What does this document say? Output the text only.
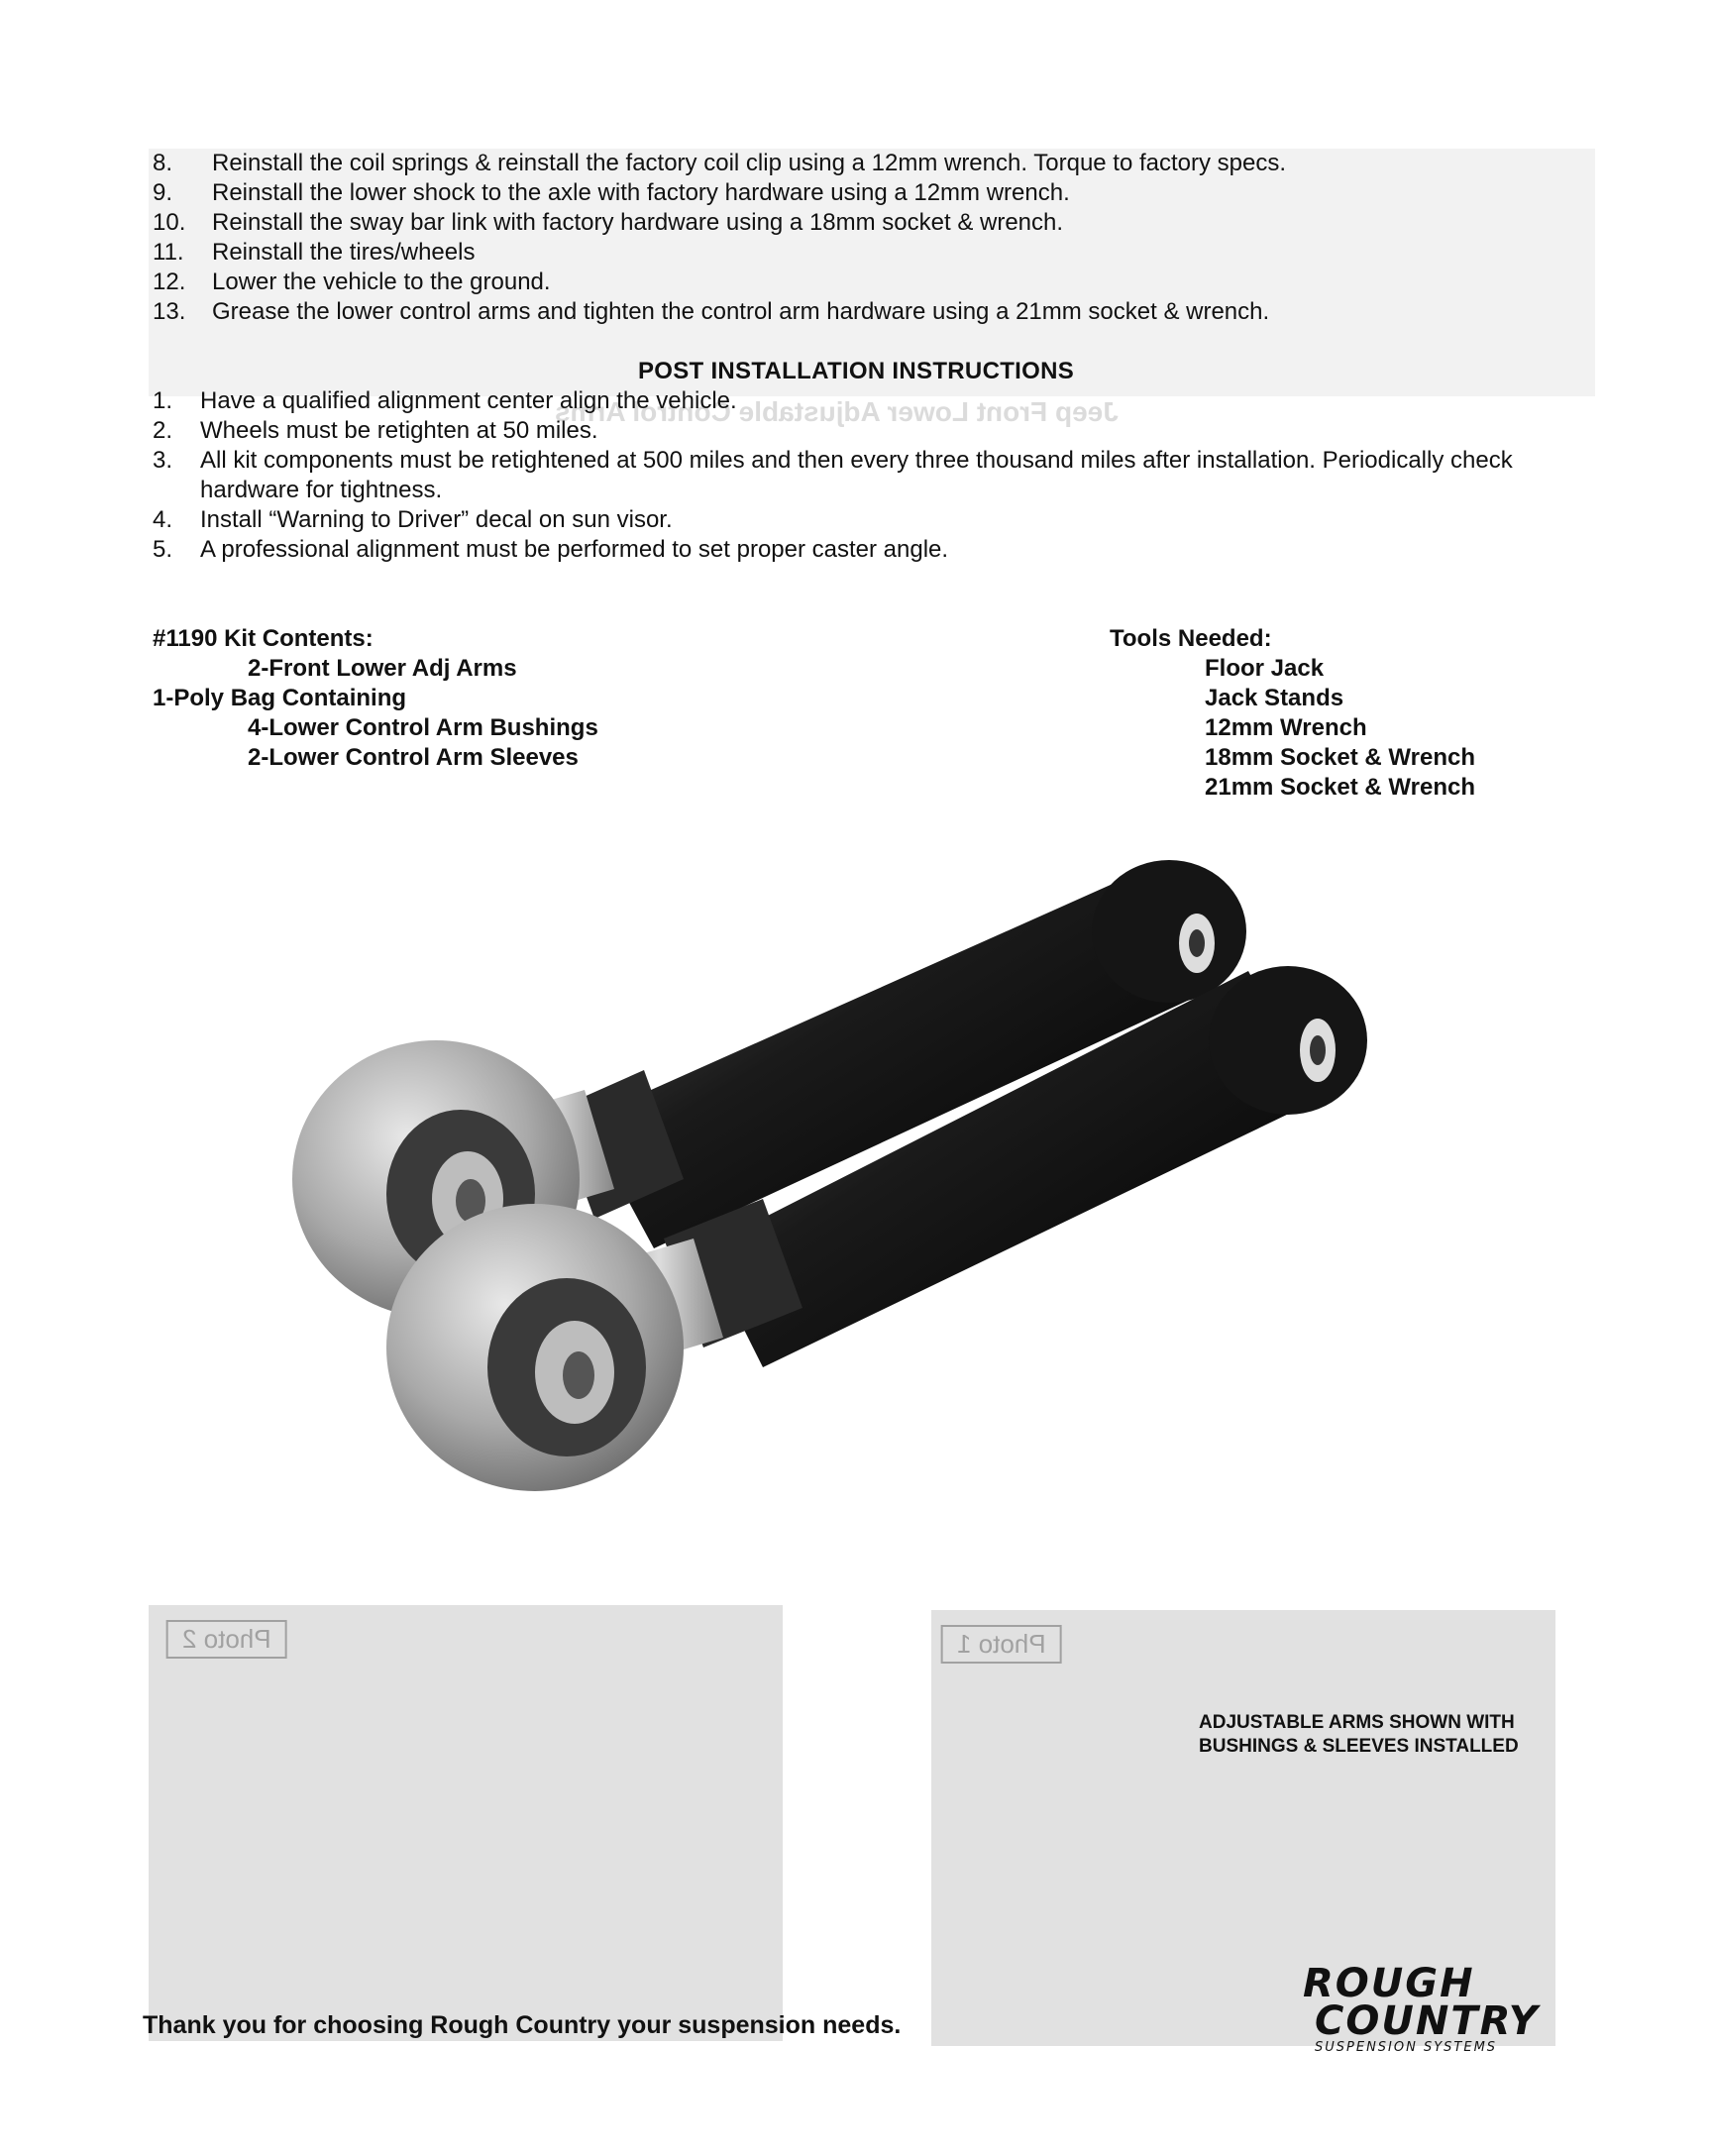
Jeep Front Lower Adjustable Control Arms
Photo 2	Photo 1
8.	Reinstall the coil springs & reinstall the factory coil clip using a 12mm wrench. Torque to factory specs.
9.	Reinstall the lower shock to the axle with factory hardware using a 12mm wrench.
10.	Reinstall the sway bar link with factory hardware using a 18mm socket & wrench.
11.	Reinstall the tires/wheels
12.	Lower the vehicle to the ground.
13.	Grease the lower control arms and tighten the control arm hardware using a 21mm socket & wrench.
POST INSTALLATION INSTRUCTIONS
1.	Have a qualified alignment center align the vehicle.
2.	Wheels must be retighten at 50 miles.
3.	All kit components must be retightened at 500 miles and then every three thousand miles after installation. Periodically check hardware for tightness.
4.	Install “Warning to Driver” decal on sun visor.
5.	A professional alignment must be performed to set proper caster angle.
#1190 Kit Contents:
2-Front Lower Adj Arms
1-Poly Bag Containing
4-Lower Control Arm Bushings
2-Lower Control Arm Sleeves
Tools Needed:
Floor Jack
Jack Stands
12mm Wrench
18mm Socket & Wrench
21mm Socket & Wrench
ADJUSTABLE ARMS SHOWN WITH
BUSHINGS & SLEEVES INSTALLED
Thank you for choosing Rough Country your suspension needs.
ROUGH
COUNTRY
SUSPENSION SYSTEMS
